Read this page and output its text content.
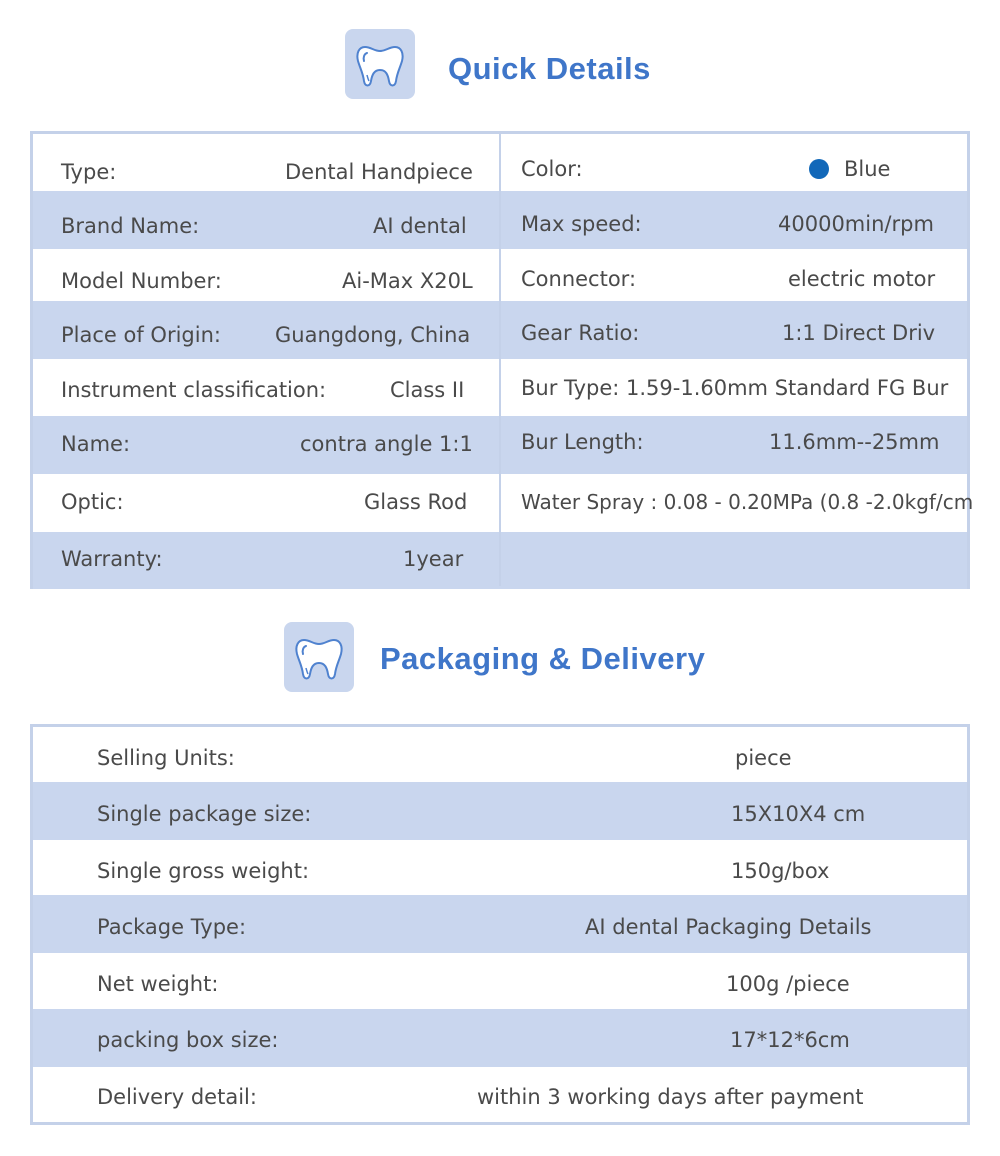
Quick Details
Type:	Dental Handpiece
Brand Name:	AI dental
Model Number:	Ai-Max X20L
Place of Origin:	Guangdong, China
Instrument classification:	Class II
Name:	contra angle 1:1
Optic:	Glass Rod
Warranty:	1year
Color:	Blue
Max speed:	40000min/rpm
Connector:	electric motor
Gear Ratio:	1:1 Direct Driv
Bur Type: 1.59-1.60mm Standard FG Bur
Bur Length:	11.6mm--25mm
Water Spray : 0.08 - 0.20MPa (0.8 -2.0kgf/cm
Packaging & Delivery
Selling Units:	piece
Single package size:	15X10X4 cm
Single gross weight:	150g/box
Package Type:	AI dental Packaging Details
Net weight:	100g /piece
packing box size:	17*12*6cm
Delivery detail:	within 3 working days after payment
